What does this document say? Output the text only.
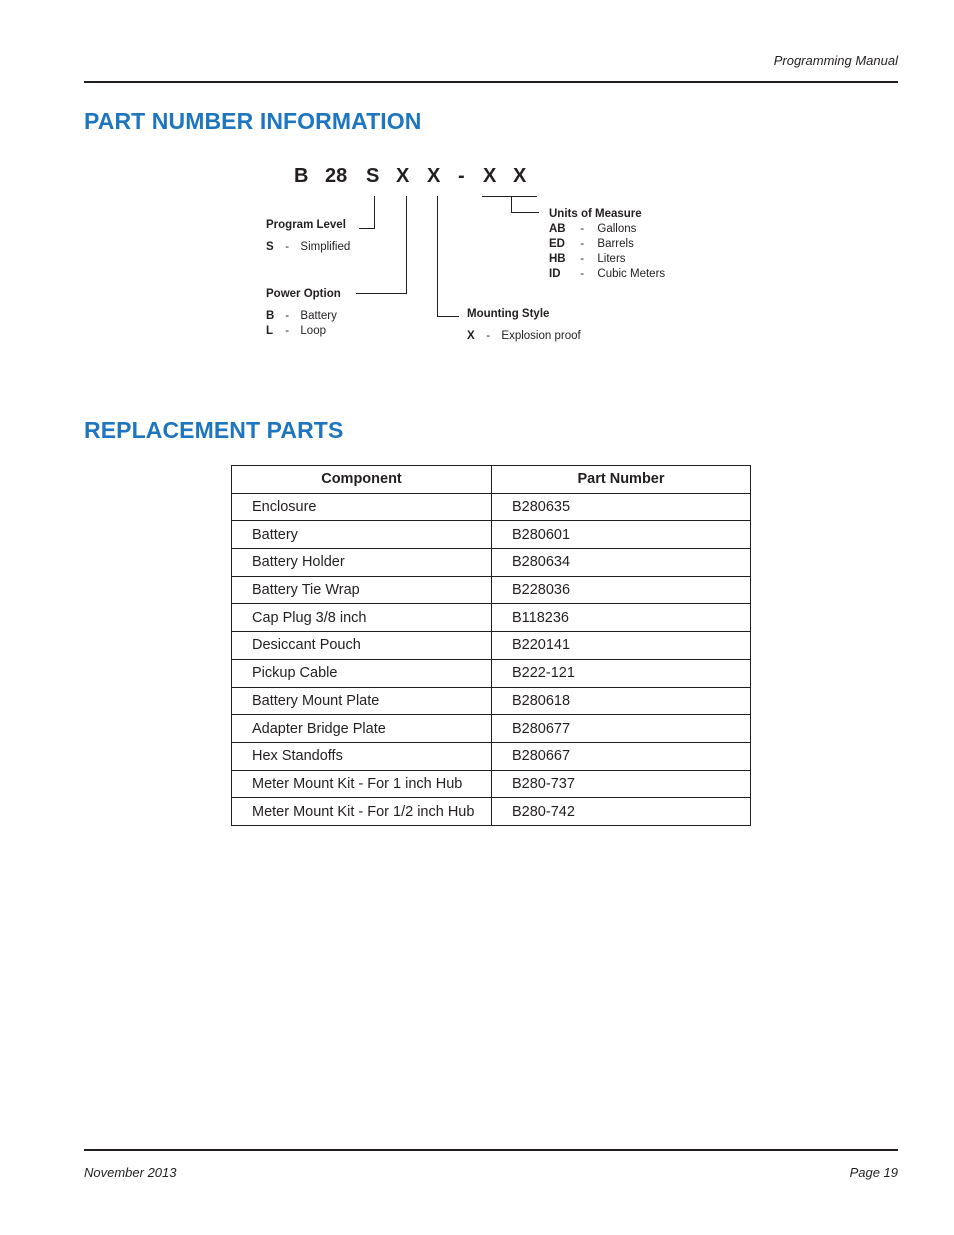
Programming Manual
PART NUMBER INFORMATION
B 28 S X X - X X
Program Level
S - Simplified
Power Option
B - Battery
L - Loop
Mounting Style
X - Explosion proof
Units of Measure
AB - Gallons
ED - Barrels
HB - Liters
ID - Cubic Meters
REPLACEMENT PARTS
Component	Part Number
Enclosure	B280635
Battery	B280601
Battery Holder	B280634
Battery Tie Wrap	B228036
Cap Plug 3/8 inch	B118236
Desiccant Pouch	B220141
Pickup Cable	B222-121
Battery Mount Plate	B280618
Adapter Bridge Plate	B280677
Hex Standoffs	B280667
Meter Mount Kit - For 1 inch Hub	B280-737
Meter Mount Kit - For 1/2 inch Hub	B280-742
November 2013	Page 19
